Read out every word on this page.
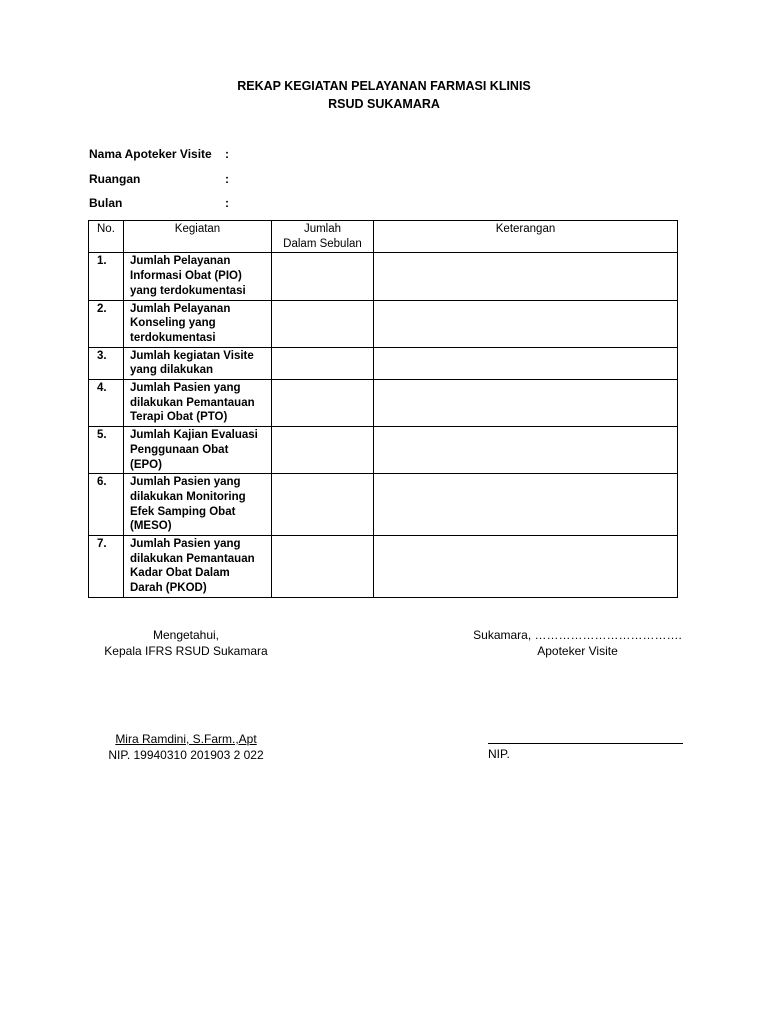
REKAP KEGIATAN PELAYANAN FARMASI KLINIS
RSUD SUKAMARA
Nama Apoteker Visite :
Ruangan	:
Bulan	:
No.	Kegiatan	Jumlah
Dalam Sebulan	Keterangan
1.	Jumlah Pelayanan
Informasi Obat (PIO)
yang terdokumentasi		

2.	Jumlah Pelayanan
Konseling yang
terdokumentasi		

3.	Jumlah kegiatan Visite
yang dilakukan		

4.	Jumlah Pasien yang
dilakukan Pemantauan
Terapi Obat (PTO)		

5.	Jumlah Kajian Evaluasi
Penggunaan Obat
(EPO)		

6.	Jumlah Pasien yang
dilakukan Monitoring
Efek Samping Obat
(MESO)		

7.	Jumlah Pasien yang
dilakukan Pemantauan
Kadar Obat Dalam
Darah (PKOD)		

Mengetahui,
Kepala IFRS RSUD Sukamara
Mira Ramdini, S.Farm.,Apt
NIP. 19940310 201903 2 022
Sukamara, ……………………………….
Apoteker Visite
NIP.
